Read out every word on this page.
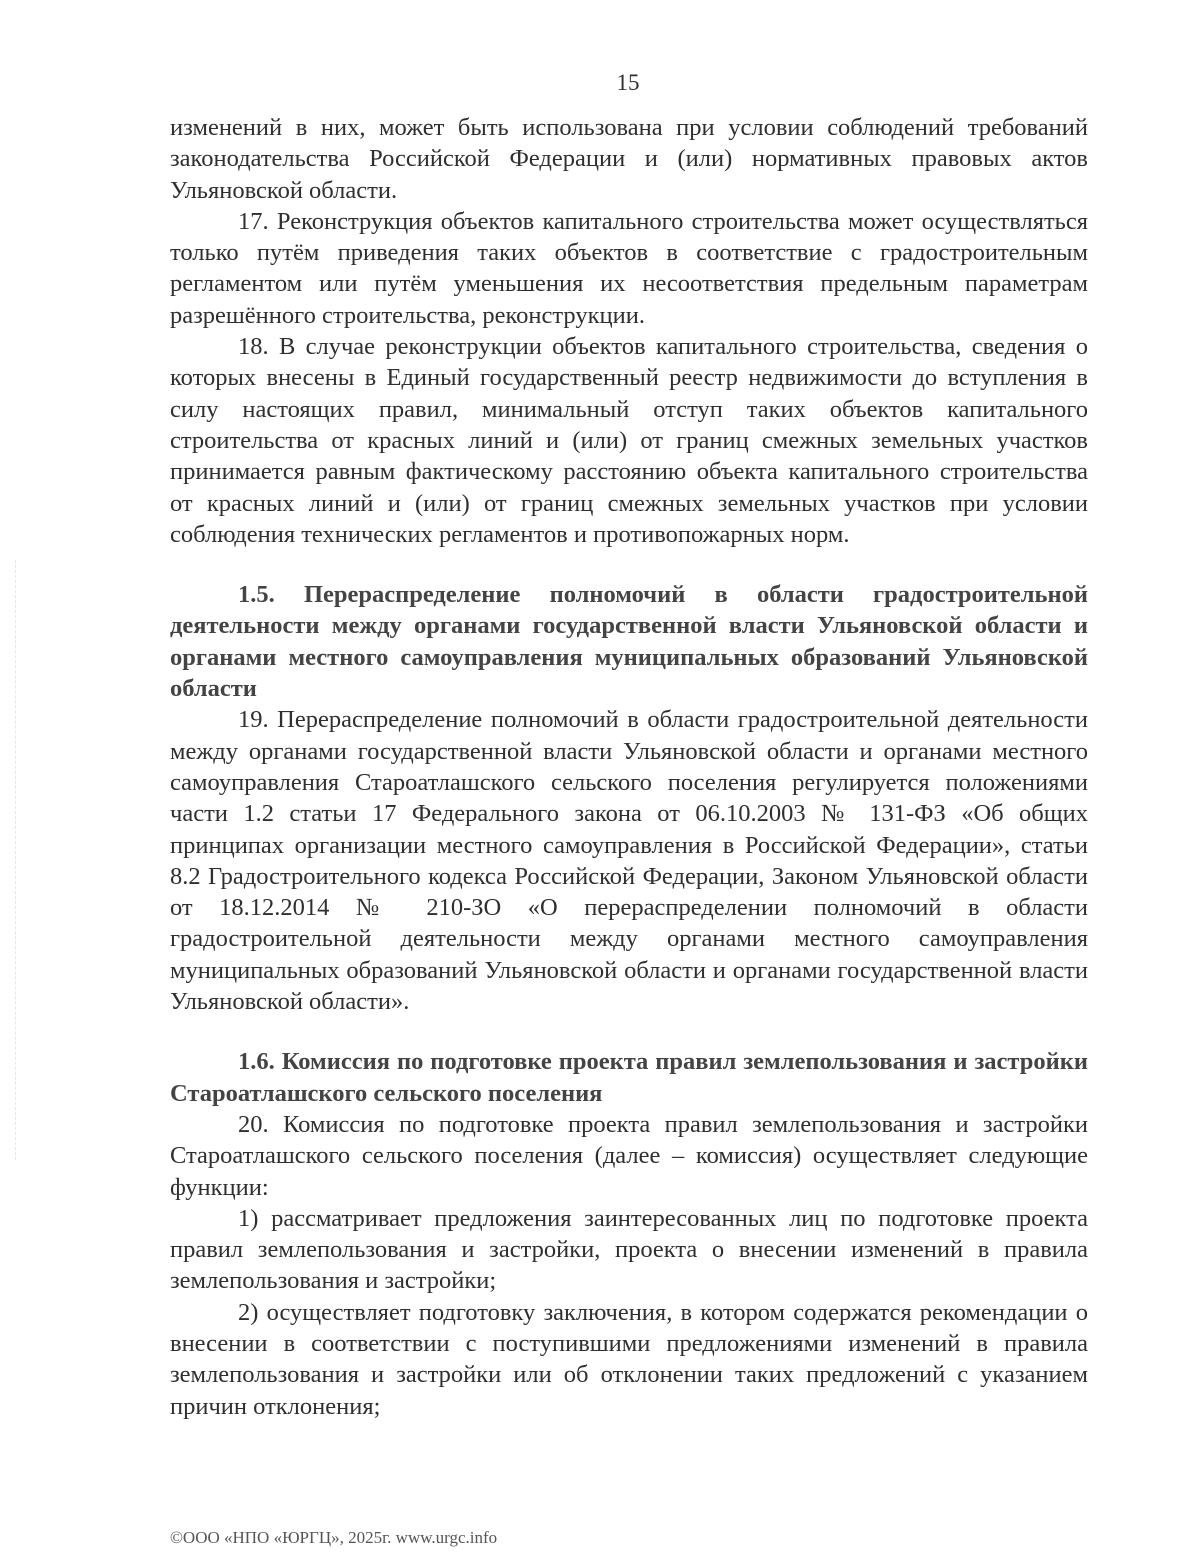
15

изменений в них, может быть использована при условии соблюдений требований законодательства Российской Федерации и (или) нормативных правовых актов Ульяновской области.

17. Реконструкция объектов капитального строительства может осуществляться только путём приведения таких объектов в соответствие с градостроительным регламентом или путём уменьшения их несоответствия предельным параметрам разрешённого строительства, реконструкции.

18. В случае реконструкции объектов капитального строительства, сведения о которых внесены в Единый государственный реестр недвижимости до вступления в силу настоящих правил, минимальный отступ таких объектов капитального строительства от красных линий и (или) от границ смежных земельных участков принимается равным фактическому расстоянию объекта капитального строительства от красных линий и (или) от границ смежных земельных участков при условии соблюдения технических регламентов и противопожарных норм.

1.5. Перераспределение полномочий в области градостроительной деятельности между органами государственной власти Ульяновской области и органами местного самоуправления муниципальных образований Ульяновской области

19. Перераспределение полномочий в области градостроительной деятельности между органами государственной власти Ульяновской области и органами местного самоуправления Староатлашского сельского поселения регулируется положениями части 1.2 статьи 17 Федерального закона от 06.10.2003 № 131-ФЗ «Об общих принципах организации местного самоуправления в Российской Федерации», статьи 8.2 Градостроительного кодекса Российской Федерации, Законом Ульяновской области от 18.12.2014 № 210-ЗО «О перераспределении полномочий в области градостроительной деятельности между органами местного самоуправления муниципальных образований Ульяновской области и органами государственной власти Ульяновской области».

1.6. Комиссия по подготовке проекта правил землепользования и застройки Староатлашского сельского поселения

20. Комиссия по подготовке проекта правил землепользования и застройки Староатлашского сельского поселения (далее – комиссия) осуществляет следующие функции:

1) рассматривает предложения заинтересованных лиц по подготовке проекта правил землепользования и застройки, проекта о внесении изменений в правила землепользования и застройки;

2) осуществляет подготовку заключения, в котором содержатся рекомендации о внесении в соответствии с поступившими предложениями изменений в правила землепользования и застройки или об отклонении таких предложений с указанием причин отклонения;

©ООО «НПО «ЮРГЦ», 2025г. www.urgc.info
